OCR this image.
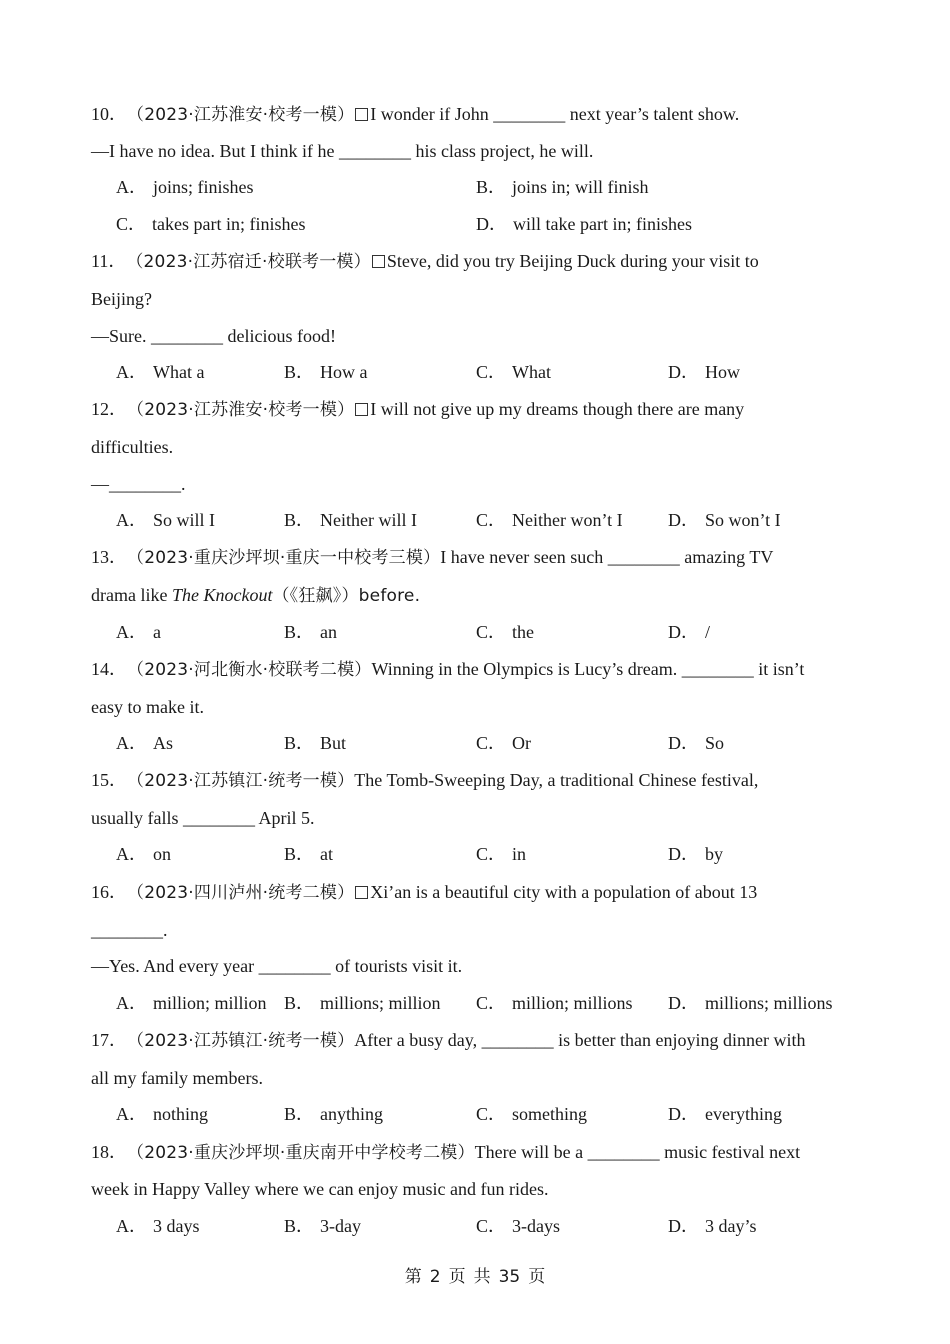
10．（2023·江苏淮安·校考一模） I wonder if John ________ next year’s talent show.
—I have no idea. But I think if he ________ his class project, he will.
A． joins; finishes	B． joins in; will finish
C． takes part in; finishes	D． will take part in; finishes
11．（2023·江苏宿迁·校联考一模） Steve, did you try Beijing Duck during your visit to
Beijing?
—Sure. ________ delicious food!
A． What a	B． How a	C． What	D． How
12．（2023·江苏淮安·校考一模） I will not give up my dreams though there are many
difficulties.
—________.
A． So will I	B． Neither will I	C． Neither won’t I	D． So won’t I
13．（2023·重庆沙坪坝·重庆一中校考三模）I have never seen such ________ amazing TV
drama like The Knockout（《狂飙》）before.
A． a	B． an	C． the	D． /
14．（2023·河北衡水·校联考二模）Winning in the Olympics is Lucy’s dream. ________ it isn’t
easy to make it.
A． As	B． But	C． Or	D． So
15．（2023·江苏镇江·统考一模）The Tomb-Sweeping Day, a traditional Chinese festival,
usually falls ________ April 5.
A． on	B． at	C． in	D． by
16．（2023·四川泸州·统考二模） Xi’an is a beautiful city with a population of about 13
________.
—Yes. And every year ________ of tourists visit it.
A． million; million B． millions; million C． million; millions D． millions; millions
17．（2023·江苏镇江·统考一模）After a busy day, ________ is better than enjoying dinner with
all my family members.
A． nothing	B． anything	C． something	D． everything
18．（2023·重庆沙坪坝·重庆南开中学校考二模）There will be a ________ music festival next
week in Happy Valley where we can enjoy music and fun rides.
A． 3 days	B． 3-day	C． 3-days	D． 3 day’s
第 2 页 共 35 页
